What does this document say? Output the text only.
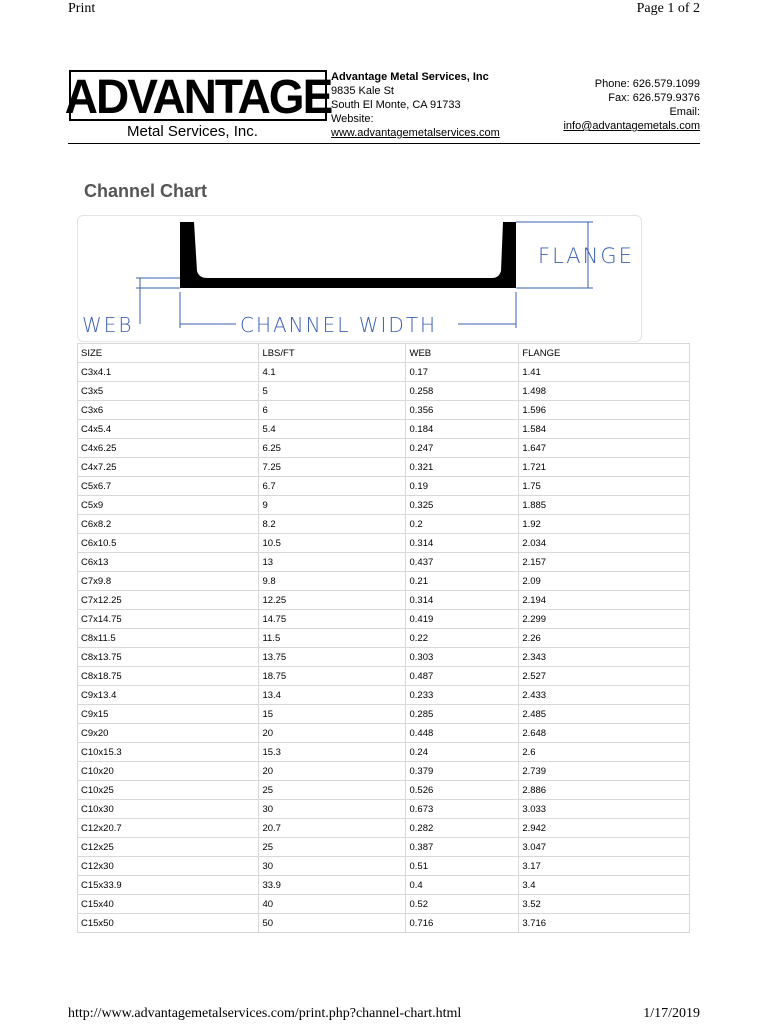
Print	Page 1 of 2
ADVANTAGE
Metal Services, Inc.
Advantage Metal Services, Inc
9835 Kale St
South El Monte, CA 91733
Website:
www.advantagemetalservices.com
Phone: 626.579.1099
Fax: 626.579.9376
Email:
info@advantagemetals.com
Channel Chart
FLANGE
WEB	CHANNEL WIDTH
SIZE	LBS/FT	WEB	FLANGE
C3x4.1	4.1	0.17	1.41
C3x5	5	0.258	1.498
C3x6	6	0.356	1.596
C4x5.4	5.4	0.184	1.584
C4x6.25	6.25	0.247	1.647
C4x7.25	7.25	0.321	1.721
C5x6.7	6.7	0.19	1.75
C5x9	9	0.325	1.885
C6x8.2	8.2	0.2	1.92
C6x10.5	10.5	0.314	2.034
C6x13	13	0.437	2.157
C7x9.8	9.8	0.21	2.09
C7x12.25	12.25	0.314	2.194
C7x14.75	14.75	0.419	2.299
C8x11.5	11.5	0.22	2.26
C8x13.75	13.75	0.303	2.343
C8x18.75	18.75	0.487	2.527
C9x13.4	13.4	0.233	2.433
C9x15	15	0.285	2.485
C9x20	20	0.448	2.648
C10x15.3	15.3	0.24	2.6
C10x20	20	0.379	2.739
C10x25	25	0.526	2.886
C10x30	30	0.673	3.033
C12x20.7	20.7	0.282	2.942
C12x25	25	0.387	3.047
C12x30	30	0.51	3.17
C15x33.9	33.9	0.4	3.4
C15x40	40	0.52	3.52
C15x50	50	0.716	3.716
http://www.advantagemetalservices.com/print.php?channel-chart.html	1/17/2019
